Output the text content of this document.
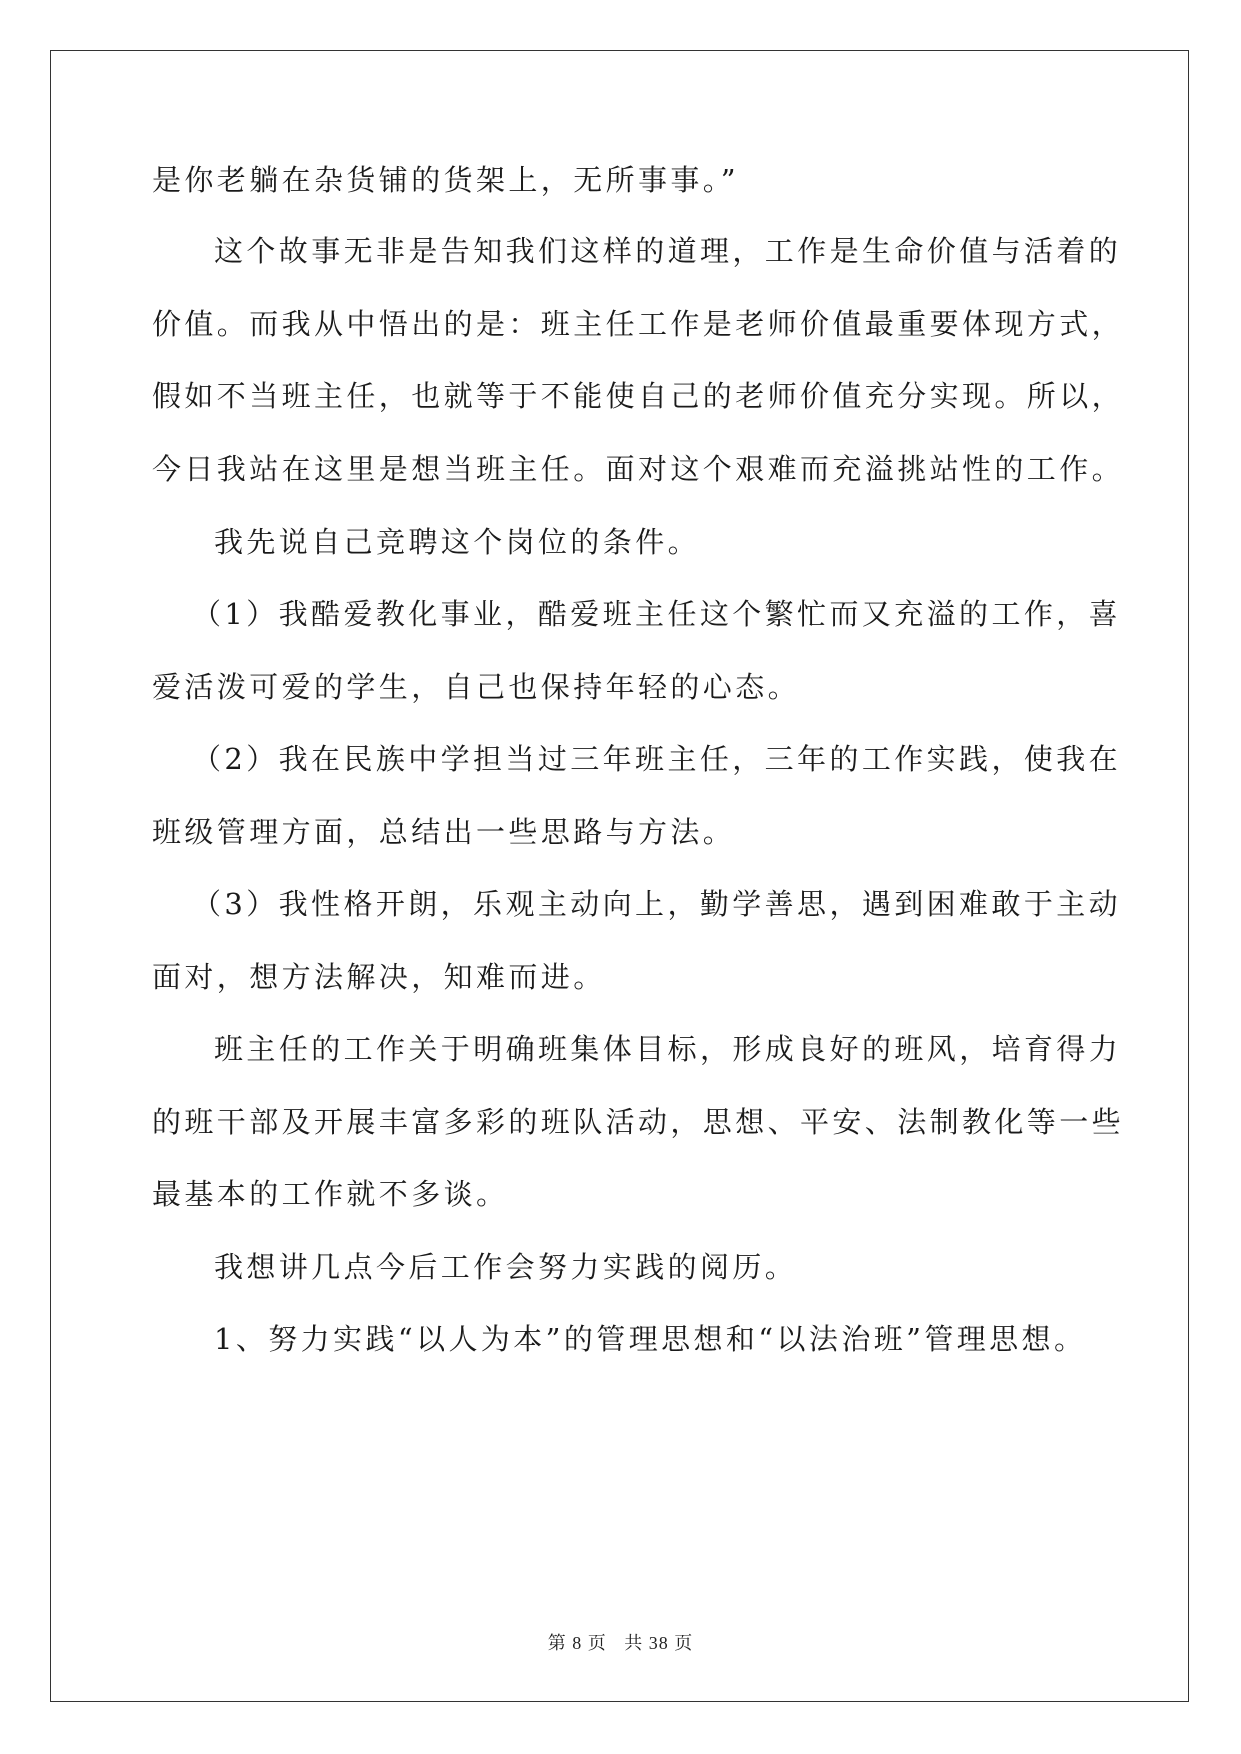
是你老躺在杂货铺的货架上，无所事事。”
这个故事无非是告知我们这样的道理，工作是生命价值与活着的
价值。而我从中悟出的是：班主任工作是老师价值最重要体现方式，
假如不当班主任，也就等于不能使自己的老师价值充分实现。所以，
今日我站在这里是想当班主任。面对这个艰难而充溢挑站性的工作。
我先说自己竞聘这个岗位的条件。
（1）我酷爱教化事业，酷爱班主任这个繁忙而又充溢的工作，喜
爱活泼可爱的学生，自己也保持年轻的心态。
（2）我在民族中学担当过三年班主任，三年的工作实践，使我在
班级管理方面，总结出一些思路与方法。
（3）我性格开朗，乐观主动向上，勤学善思，遇到困难敢于主动
面对，想方法解决，知难而进。
班主任的工作关于明确班集体目标，形成良好的班风，培育得力
的班干部及开展丰富多彩的班队活动，思想、平安、法制教化等一些
最基本的工作就不多谈。
我想讲几点今后工作会努力实践的阅历。
1、努力实践“以人为本”的管理思想和“以法治班”管理思想。
第 8 页 共 38 页
